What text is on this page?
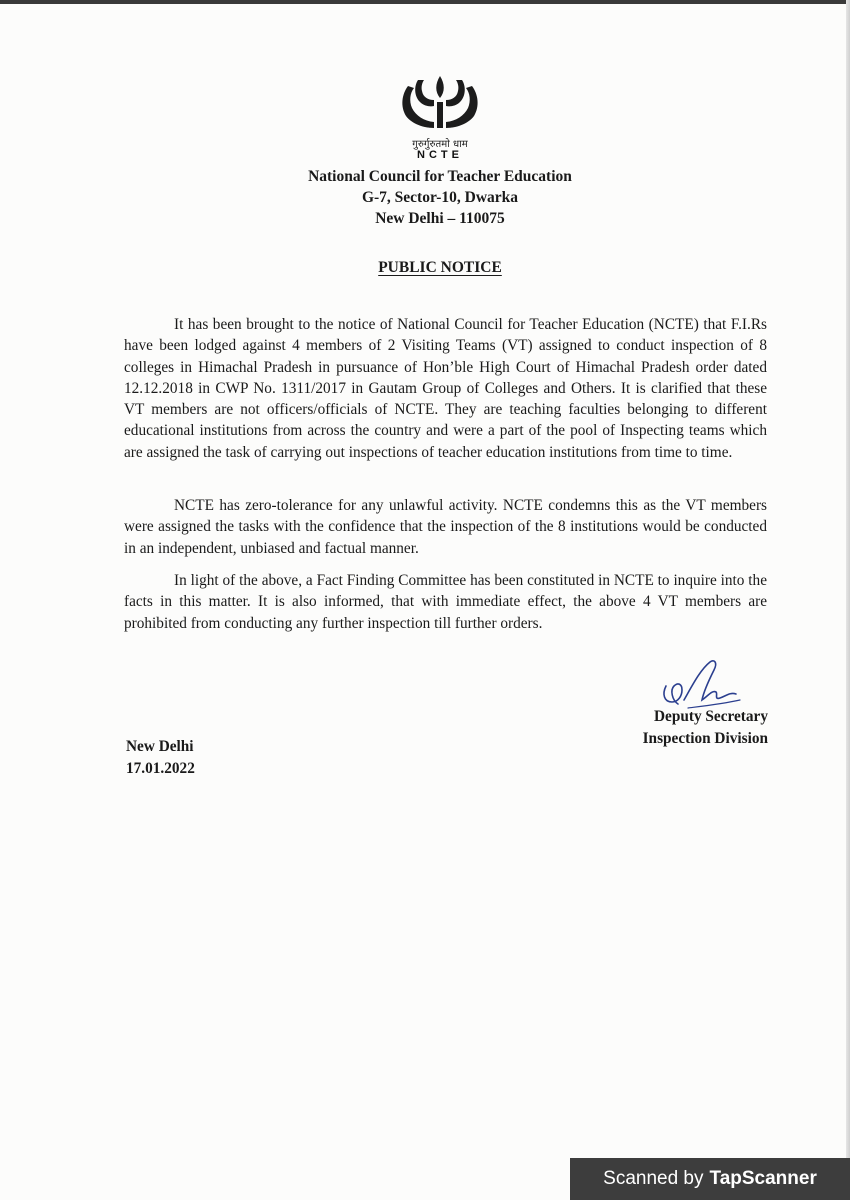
गुरुर्गुरुतमो धाम
NCTE
National Council for Teacher Education
G-7, Sector-10, Dwarka
New Delhi – 110075
PUBLIC NOTICE

It has been brought to the notice of National Council for Teacher Education (NCTE) that F.I.Rs have been lodged against 4 members of 2 Visiting Teams (VT) assigned to conduct inspection of 8 colleges in Himachal Pradesh in pursuance of Hon’ble High Court of Himachal Pradesh order dated 12.12.2018 in CWP No. 1311/2017 in Gautam Group of Colleges and Others. It is clarified that these VT members are not officers/officials of NCTE. They are teaching faculties belonging to different educational institutions from across the country and were a part of the pool of Inspecting teams which are assigned the task of carrying out inspections of teacher education institutions from time to time.

NCTE has zero-tolerance for any unlawful activity. NCTE condemns this as the VT members were assigned the tasks with the confidence that the inspection of the 8 institutions would be conducted in an independent, unbiased and factual manner.

In light of the above, a Fact Finding Committee has been constituted in NCTE to inquire into the facts in this matter. It is also informed, that with immediate effect, the above 4 VT members are prohibited from conducting any further inspection till further orders.

Deputy Secretary
Inspection Division
New Delhi
17.01.2022
Scanned by TapScanner
